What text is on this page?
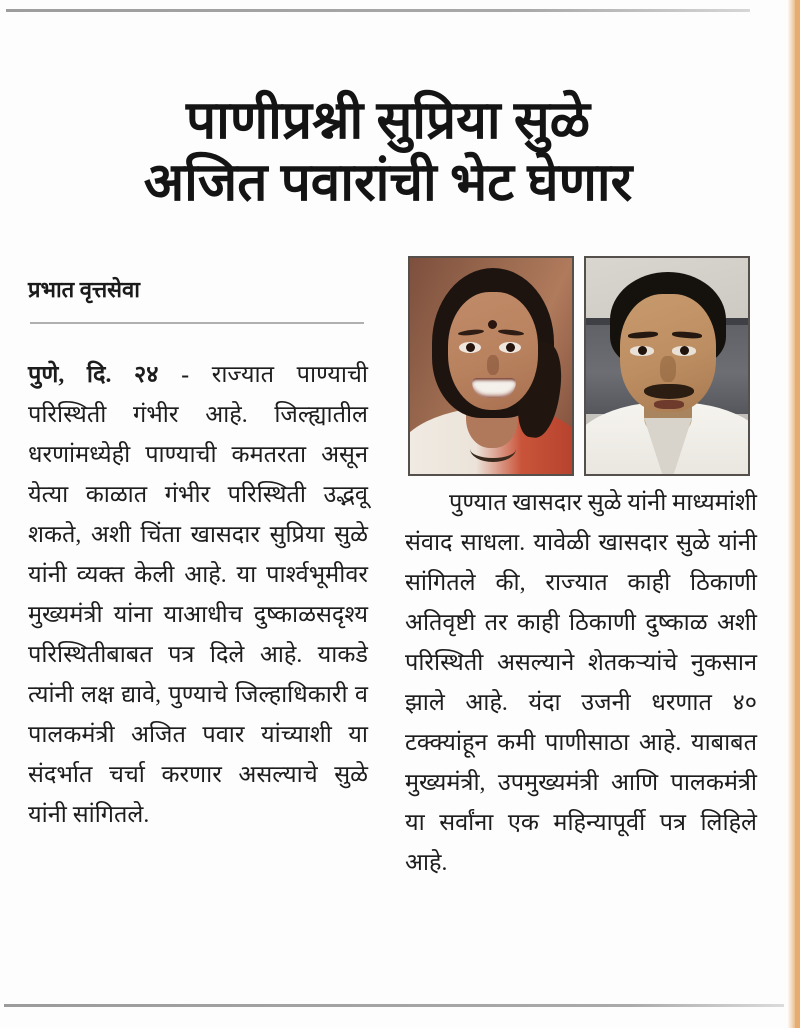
पाणीप्रश्नी सुप्रिया सुळे
अजित पवारांची भेट घेणार
प्रभात वृत्तसेवा

पुणे, दि. २४ - राज्यात पाण्याची परिस्थिती गंभीर आहे. जिल्ह्यातील धरणांमध्येही पाण्याची कमतरता असून येत्या काळात गंभीर परिस्थिती उद्भवू शकते, अशी चिंता खासदार सुप्रिया सुळे यांनी व्यक्त केली आहे. या पार्श्वभूमीवर मुख्यमंत्री यांना याआधीच दुष्काळसदृश्य परिस्थितीबाबत पत्र दिले आहे. याकडे त्यांनी लक्ष द्यावे, पुण्याचे जिल्हाधिकारी व पालकमंत्री अजित पवार यांच्याशी या संदर्भात चर्चा करणार असल्याचे सुळे यांनी सांगितले.

पुण्यात खासदार सुळे यांनी माध्यमांशी संवाद साधला. यावेळी खासदार सुळे यांनी सांगितले की, राज्यात काही ठिकाणी अतिवृष्टी तर काही ठिकाणी दुष्काळ अशी परिस्थिती असल्याने शेतकऱ्यांचे नुकसान झाले आहे. यंदा उजनी धरणात ४० टक्क्यांहून कमी पाणीसाठा आहे. याबाबत मुख्यमंत्री, उपमुख्यमंत्री आणि पालकमंत्री या सर्वांना एक महिन्यापूर्वी पत्र लिहिले आहे.
